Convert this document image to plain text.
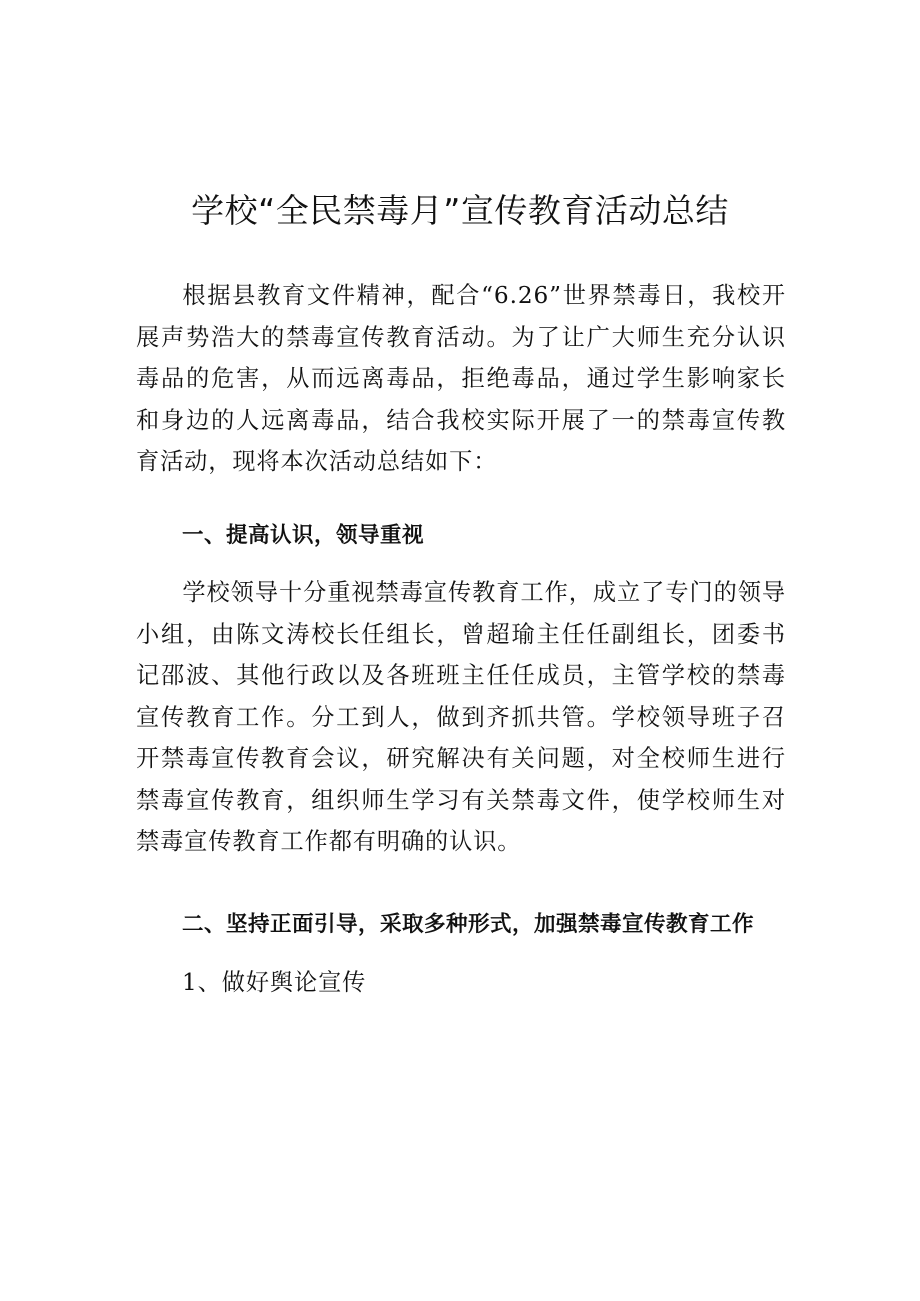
学校“全民禁毒月”宣传教育活动总结

根据县教育文件精神，配合“6.26”世界禁毒日，我校开展声势浩大的禁毒宣传教育活动。为了让广大师生充分认识毒品的危害，从而远离毒品，拒绝毒品，通过学生影响家长和身边的人远离毒品，结合我校实际开展了一的禁毒宣传教育活动，现将本次活动总结如下：

一、提高认识，领导重视

学校领导十分重视禁毒宣传教育工作，成立了专门的领导小组，由陈文涛校长任组长，曾超瑜主任任副组长，团委书记邵波、其他行政以及各班班主任任成员，主管学校的禁毒宣传教育工作。分工到人，做到齐抓共管。学校领导班子召开禁毒宣传教育会议，研究解决有关问题，对全校师生进行禁毒宣传教育，组织师生学习有关禁毒文件，使学校师生对禁毒宣传教育工作都有明确的认识。

二、坚持正面引导，采取多种形式，加强禁毒宣传教育工作
1、做好舆论宣传
